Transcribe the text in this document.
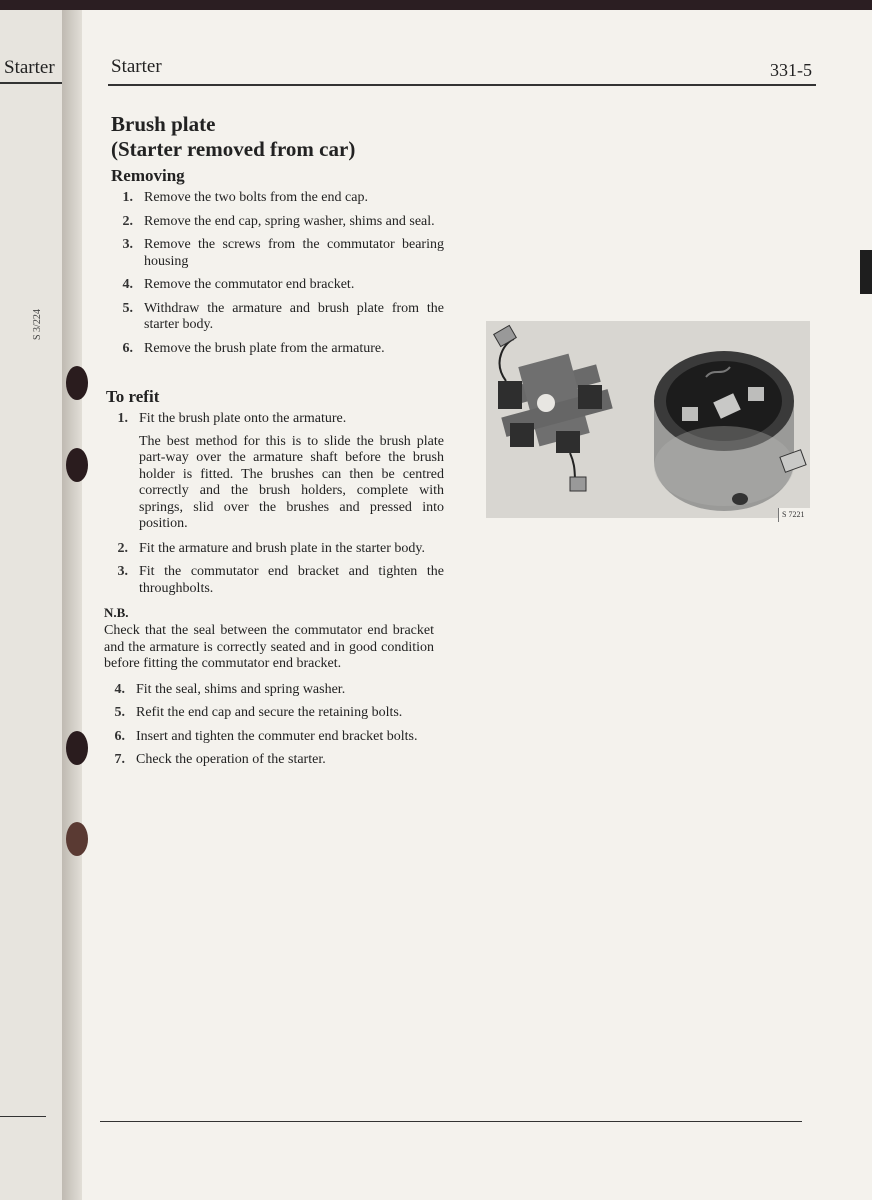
Starter
S 3/224
Starter	331-5
Brush plate
(Starter removed from car)
Removing
1. Remove the two bolts from the end cap.
2. Remove the end cap, spring washer, shims and seal.
3. Remove the screws from the commutator bearing housing
4. Remove the commutator end bracket.
5. Withdraw the armature and brush plate from the starter body.
6. Remove the brush plate from the armature.
To refit
1. Fit the brush plate onto the armature.
The best method for this is to slide the brush plate part-way over the armature shaft before the brush holder is fitted. The brushes can then be centred correctly and the brush holders, complete with springs, slid over the brushes and pressed into position.
2. Fit the armature and brush plate in the starter body.
3. Fit the commutator end bracket and tighten the throughbolts.
N.B.
Check that the seal between the commutator end bracket and the armature is correctly seated and in good condition before fitting the commutator end bracket.
4. Fit the seal, shims and spring washer.
5. Refit the end cap and secure the retaining bolts.
6. Insert and tighten the commuter end bracket bolts.
7. Check the operation of the starter.
S 7221
